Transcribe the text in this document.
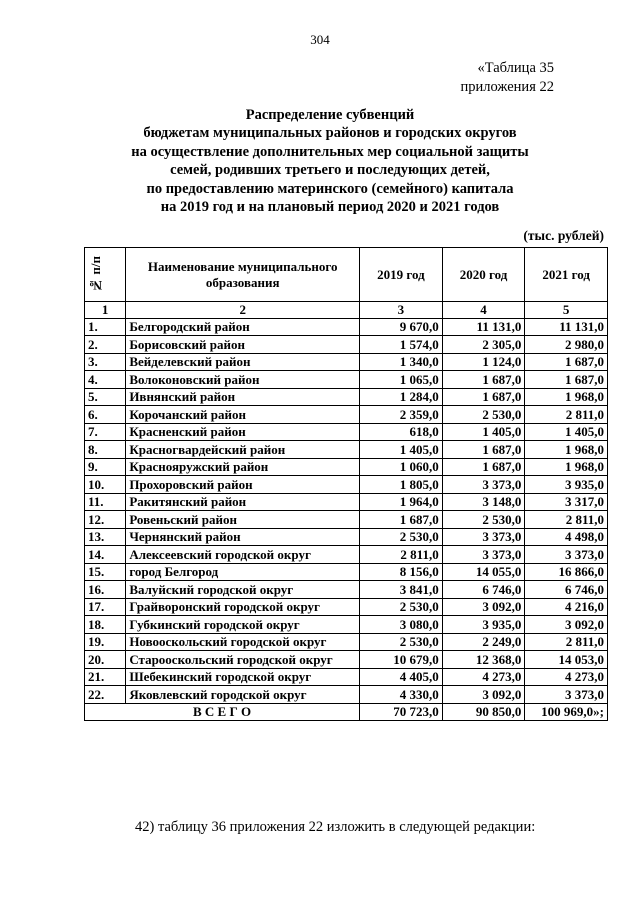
304
«Таблица 35
приложения 22
Распределение субвенций
бюджетам муниципальных районов и городских округов
на осуществление дополнительных мер социальной защиты
семей, родивших третьего и последующих детей,
по предоставлению материнского (семейного) капитала
на 2019 год и на плановый период 2020 и 2021 годов
(тыс. рублей)
№ п/п	Наименование муниципального образования	2019 год	2020 год	2021 год
1	2	3	4	5
1.	Белгородский район	9 670,0	11 131,0	11 131,0
2.	Борисовский район	1 574,0	2 305,0	2 980,0
3.	Вейделевский район	1 340,0	1 124,0	1 687,0
4.	Волоконовский район	1 065,0	1 687,0	1 687,0
5.	Ивнянский район	1 284,0	1 687,0	1 968,0
6.	Корочанский район	2 359,0	2 530,0	2 811,0
7.	Красненский район	618,0	1 405,0	1 405,0
8.	Красногвардейский район	1 405,0	1 687,0	1 968,0
9.	Краснояружский район	1 060,0	1 687,0	1 968,0
10.	Прохоровский район	1 805,0	3 373,0	3 935,0
11.	Ракитянский район	1 964,0	3 148,0	3 317,0
12.	Ровеньский район	1 687,0	2 530,0	2 811,0
13.	Чернянский район	2 530,0	3 373,0	4 498,0
14.	Алексеевский городской округ	2 811,0	3 373,0	3 373,0
15.	город Белгород	8 156,0	14 055,0	16 866,0
16.	Валуйский городской округ	3 841,0	6 746,0	6 746,0
17.	Грайворонский городской округ	2 530,0	3 092,0	4 216,0
18.	Губкинский городской округ	3 080,0	3 935,0	3 092,0
19.	Новооскольский городской округ	2 530,0	2 249,0	2 811,0
20.	Старооскольский городской округ	10 679,0	12 368,0	14 053,0
21.	Шебекинский городской округ	4 405,0	4 273,0	4 273,0
22.	Яковлевский городской округ	4 330,0	3 092,0	3 373,0
В С Е Г О		70 723,0	90 850,0	100 969,0»;
42) таблицу 36 приложения 22 изложить в следующей редакции:
